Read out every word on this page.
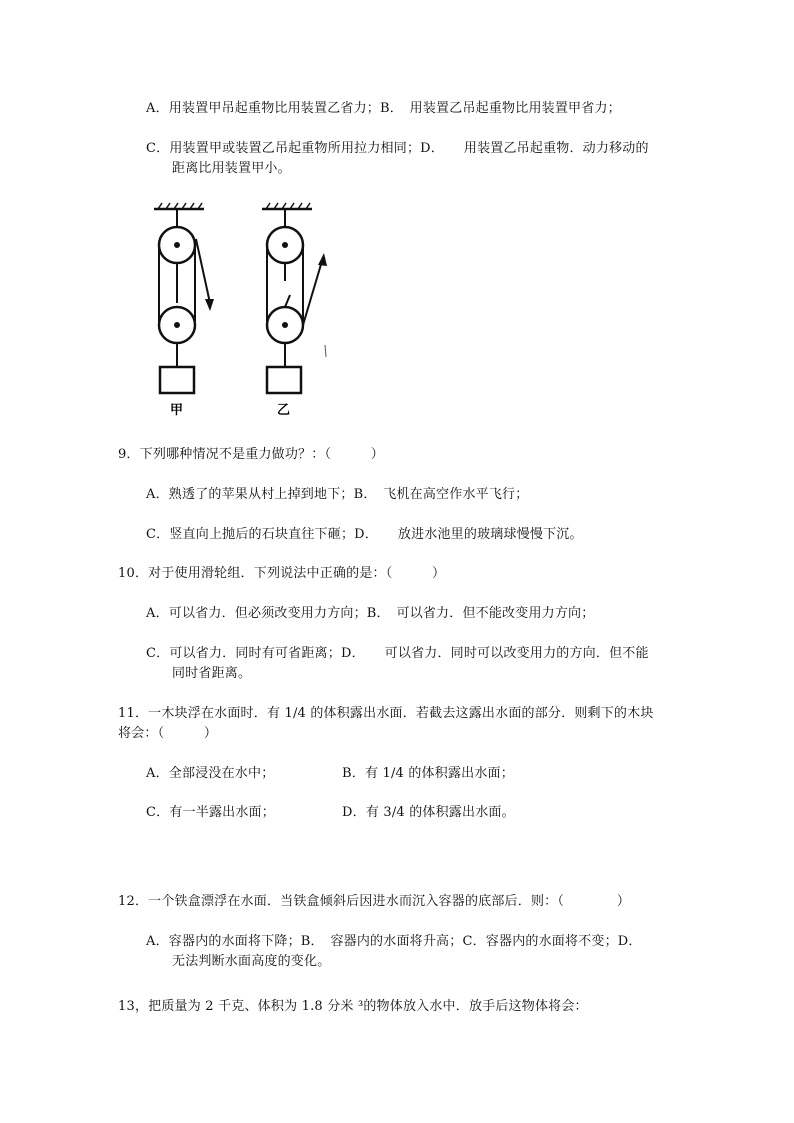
A．用装置甲吊起重物比用装置乙省力；B．　用装置乙吊起重物比用装置甲省力；
C．用装置甲或装置乙吊起重物所用拉力相同；D．　　用装置乙吊起重物．动力移动的
距离比用装置甲小。
甲	乙
9．下列哪种情况不是重力做功？：（　　　）
A．熟透了的苹果从村上掉到地下；B．　飞机在高空作水平飞行；
C．竖直向上抛后的石块直往下砸；D．　　放进水池里的玻璃球慢慢下沉。
10．对于使用滑轮组．下列说法中正确的是：（　　　）
A．可以省力．但必须改变用力方向；B．　可以省力．但不能改变用力方向；
C．可以省力．同时有可省距离；D．　　可以省力．同时可以改变用力的方向．但不能
同时省距离。
11．一木块浮在水面时．有 1/4 的体积露出水面．若截去这露出水面的部分．则剩下的木块
将会：（　　　）
A．全部浸没在水中；	B．有 1/4 的体积露出水面；
C．有一半露出水面；	D．有 3/4 的体积露出水面。
12．一个铁盒漂浮在水面．当铁盒倾斜后因进水而沉入容器的底部后．则：（　　　　）
A．容器内的水面将下降；B．　容器内的水面将升高；C．容器内的水面将不变；D．
无法判断水面高度的变化。
13，把质量为 2 千克、体积为 1.8 分米 ³的物体放入水中．放手后这物体将会：
